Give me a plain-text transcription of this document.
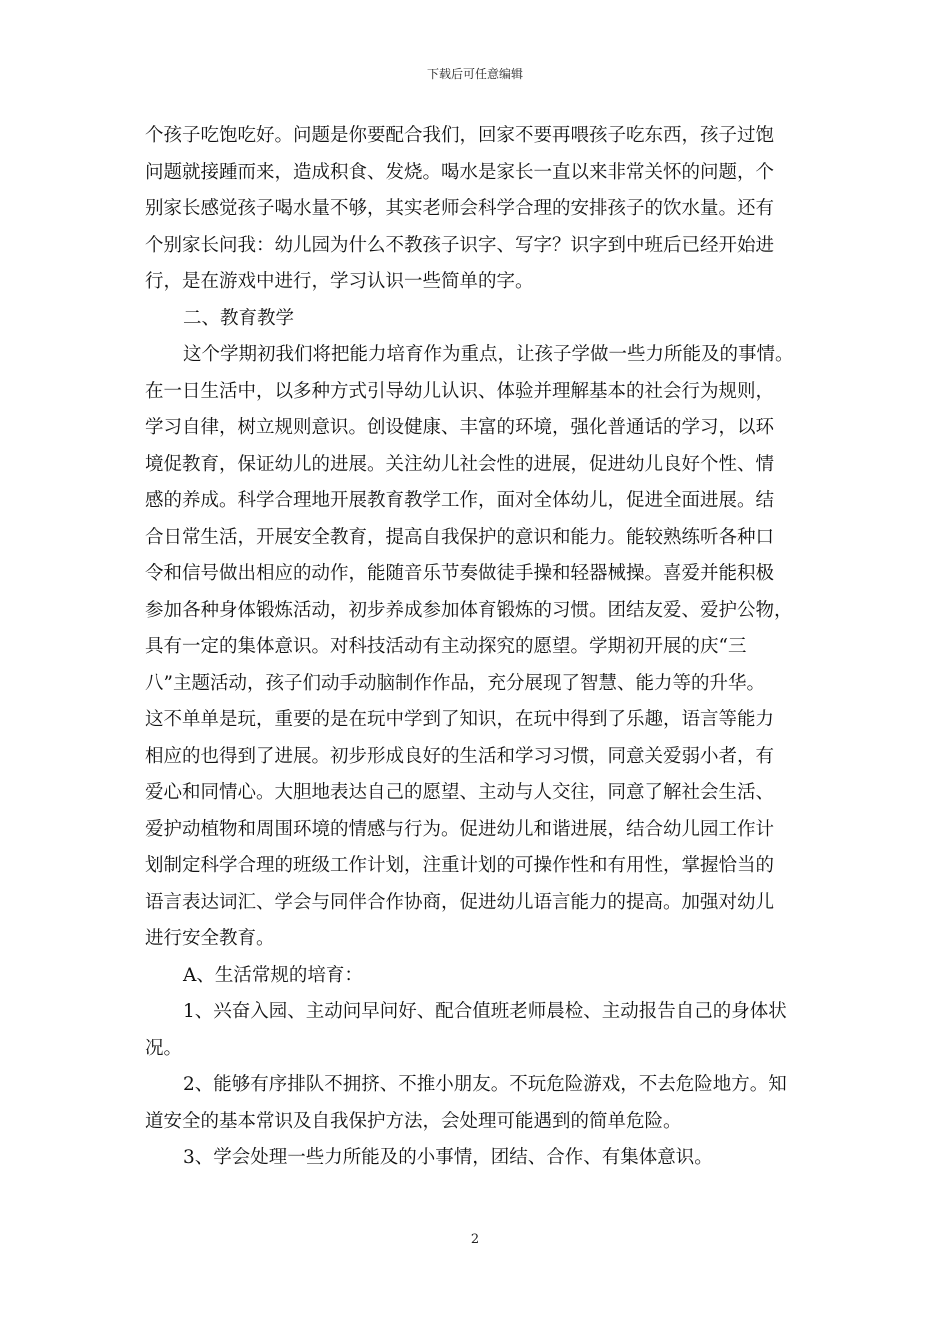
下载后可任意编辑

个孩子吃饱吃好。问题是你要配合我们，回家不要再喂孩子吃东西，孩子过饱
问题就接踵而来，造成积食、发烧。喝水是家长一直以来非常关怀的问题，个
别家长感觉孩子喝水量不够，其实老师会科学合理的安排孩子的饮水量。还有
个别家长问我：幼儿园为什么不教孩子识字、写字？识字到中班后已经开始进
行，是在游戏中进行，学习认识一些简单的字。

二、教育教学

这个学期初我们将把能力培育作为重点，让孩子学做一些力所能及的事情。
在一日生活中，以多种方式引导幼儿认识、体验并理解基本的社会行为规则，
学习自律，树立规则意识。创设健康、丰富的环境，强化普通话的学习，以环
境促教育，保证幼儿的进展。关注幼儿社会性的进展，促进幼儿良好个性、情
感的养成。科学合理地开展教育教学工作，面对全体幼儿，促进全面进展。结
合日常生活，开展安全教育，提高自我保护的意识和能力。能较熟练听各种口
令和信号做出相应的动作，能随音乐节奏做徒手操和轻器械操。喜爱并能积极
参加各种身体锻炼活动，初步养成参加体育锻炼的习惯。团结友爱、爱护公物，
具有一定的集体意识。对科技活动有主动探究的愿望。学期初开展的庆“三
八”主题活动，孩子们动手动脑制作作品，充分展现了智慧、能力等的升华。
这不单单是玩，重要的是在玩中学到了知识，在玩中得到了乐趣，语言等能力
相应的也得到了进展。初步形成良好的生活和学习习惯，同意关爱弱小者，有
爱心和同情心。大胆地表达自己的愿望、主动与人交往，同意了解社会生活、
爱护动植物和周围环境的情感与行为。促进幼儿和谐进展，结合幼儿园工作计
划制定科学合理的班级工作计划，注重计划的可操作性和有用性，掌握恰当的
语言表达词汇、学会与同伴合作协商，促进幼儿语言能力的提高。加强对幼儿
进行安全教育。

A、生活常规的培育：

1、兴奋入园、主动问早问好、配合值班老师晨检、主动报告自己的身体状
况。

2、能够有序排队不拥挤、不推小朋友。不玩危险游戏，不去危险地方。知
道安全的基本常识及自我保护方法，会处理可能遇到的简单危险。

3、学会处理一些力所能及的小事情，团结、合作、有集体意识。

2
